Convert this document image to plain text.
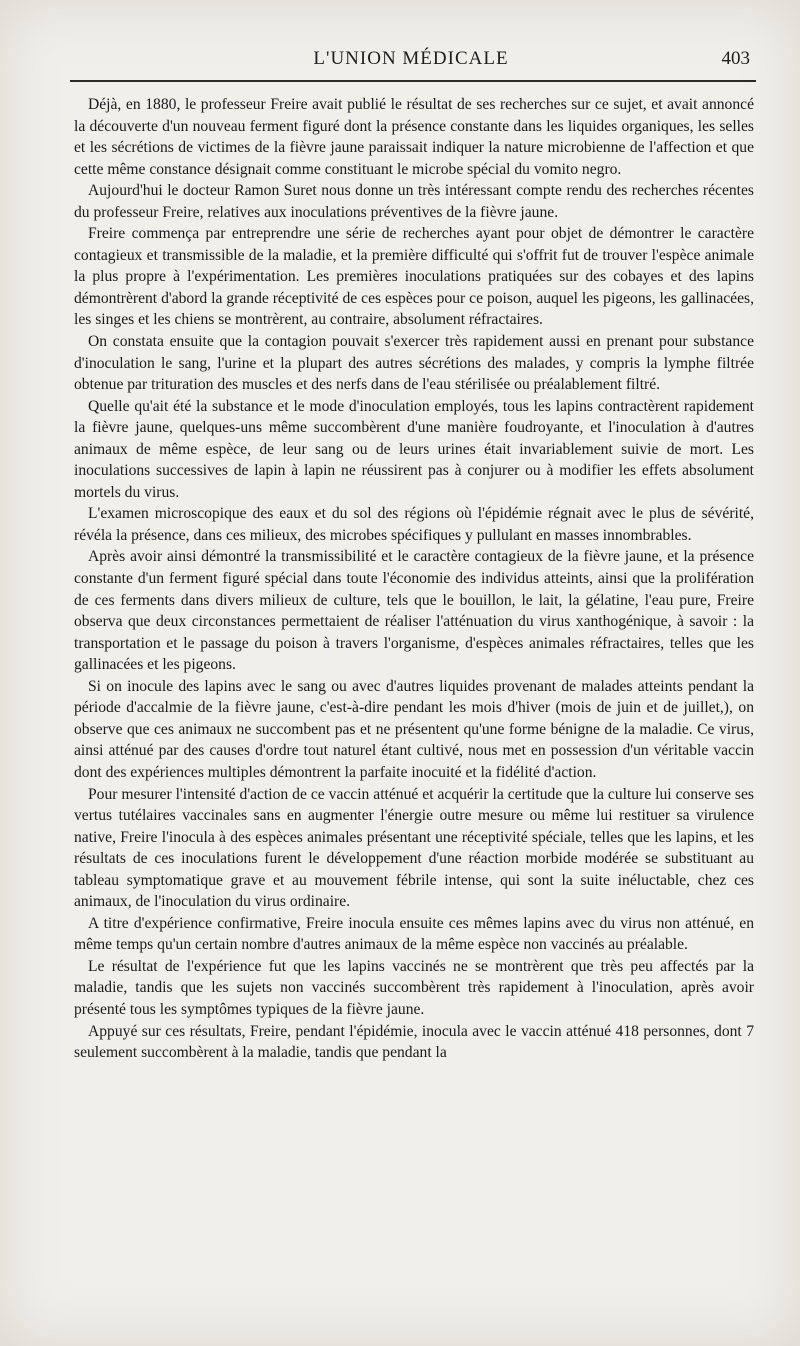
L'UNION MÉDICALE	403

Déjà, en 1880, le professeur Freire avait publié le résultat de ses recherches sur ce sujet, et avait annoncé la découverte d'un nouveau ferment figuré dont la présence constante dans les liquides organiques, les selles et les sécrétions de victimes de la fièvre jaune paraissait indiquer la nature microbienne de l'affection et que cette même constance désignait comme constituant le microbe spécial du vomito negro.

Aujourd'hui le docteur Ramon Suret nous donne un très intéressant compte rendu des recherches récentes du professeur Freire, relatives aux inoculations préventives de la fièvre jaune.

Freire commença par entreprendre une série de recherches ayant pour objet de démontrer le caractère contagieux et transmissible de la maladie, et la première difficulté qui s'offrit fut de trouver l'espèce animale la plus propre à l'expérimentation. Les premières inoculations pratiquées sur des cobayes et des lapins démontrèrent d'abord la grande réceptivité de ces espèces pour ce poison, auquel les pigeons, les gallinacées, les singes et les chiens se montrèrent, au contraire, absolument réfractaires.

On constata ensuite que la contagion pouvait s'exercer très rapidement aussi en prenant pour substance d'inoculation le sang, l'urine et la plupart des autres sécrétions des malades, y compris la lymphe filtrée obtenue par trituration des muscles et des nerfs dans de l'eau stérilisée ou préalablement filtré.

Quelle qu'ait été la substance et le mode d'inoculation employés, tous les lapins contractèrent rapidement la fièvre jaune, quelques-uns même succombèrent d'une manière foudroyante, et l'inoculation à d'autres animaux de même espèce, de leur sang ou de leurs urines était invariablement suivie de mort. Les inoculations successives de lapin à lapin ne réussirent pas à conjurer ou à modifier les effets absolument mortels du virus.

L'examen microscopique des eaux et du sol des régions où l'épidémie régnait avec le plus de sévérité, révéla la présence, dans ces milieux, des microbes spécifiques y pullulant en masses innombrables.

Après avoir ainsi démontré la transmissibilité et le caractère contagieux de la fièvre jaune, et la présence constante d'un ferment figuré spécial dans toute l'économie des individus atteints, ainsi que la prolifération de ces ferments dans divers milieux de culture, tels que le bouillon, le lait, la gélatine, l'eau pure, Freire observa que deux circonstances permettaient de réaliser l'atténuation du virus xanthogénique, à savoir : la transportation et le passage du poison à travers l'organisme, d'espèces animales réfractaires, telles que les gallinacées et les pigeons.

Si on inocule des lapins avec le sang ou avec d'autres liquides provenant de malades atteints pendant la période d'accalmie de la fièvre jaune, c'est-à-dire pendant les mois d'hiver (mois de juin et de juillet,), on observe que ces animaux ne succombent pas et ne présentent qu'une forme bénigne de la maladie. Ce virus, ainsi atténué par des causes d'ordre tout naturel étant cultivé, nous met en possession d'un véritable vaccin dont des expériences multiples démontrent la parfaite inocuité et la fidélité d'action.

Pour mesurer l'intensité d'action de ce vaccin atténué et acquérir la certitude que la culture lui conserve ses vertus tutélaires vaccinales sans en augmenter l'énergie outre mesure ou même lui restituer sa virulence native, Freire l'inocula à des espèces animales présentant une réceptivité spéciale, telles que les lapins, et les résultats de ces inoculations furent le développement d'une réaction morbide modérée se substituant au tableau symptomatique grave et au mouvement fébrile intense, qui sont la suite inéluctable, chez ces animaux, de l'inoculation du virus ordinaire.

A titre d'expérience confirmative, Freire inocula ensuite ces mêmes lapins avec du virus non atténué, en même temps qu'un certain nombre d'autres animaux de la même espèce non vaccinés au préalable.

Le résultat de l'expérience fut que les lapins vaccinés ne se montrèrent que très peu affectés par la maladie, tandis que les sujets non vaccinés succombèrent très rapidement à l'inoculation, après avoir présenté tous les symptômes typiques de la fièvre jaune.

Appuyé sur ces résultats, Freire, pendant l'épidémie, inocula avec le vaccin atténué 418 personnes, dont 7 seulement succombèrent à la maladie, tandis que pendant la
